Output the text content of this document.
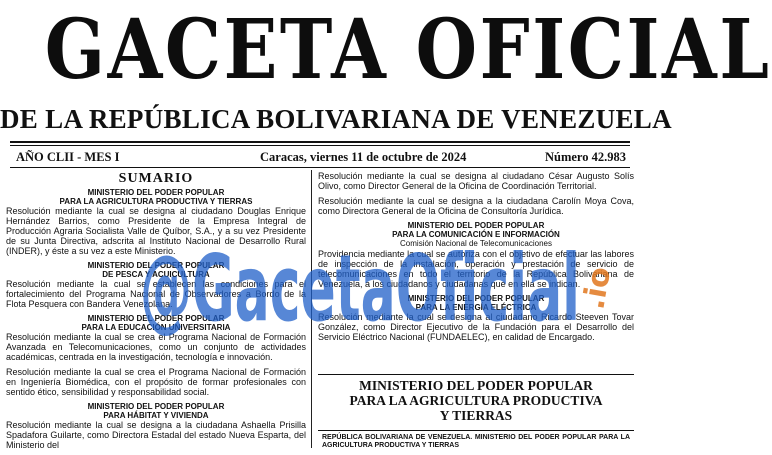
GACETA OFICIAL
DE LA REPÚBLICA BOLIVARIANA DE VENEZUELA
AÑO CLII - MES I	Caracas, viernes 11 de octubre de 2024	Número 42.983
SUMARIO
MINISTERIO DEL PODER POPULAR
PARA LA AGRICULTURA PRODUCTIVA Y TIERRAS
Resolución mediante la cual se designa al ciudadano Douglas Enrique Hernández Barrios, como Presidente de la Empresa Integral de Producción Agraria Socialista Valle de Quíbor, S.A., y a su vez Presidente de su Junta Directiva, adscrita al Instituto Nacional de Desarrollo Rural (INDER), y éste a su vez a este Ministerio.
MINISTERIO DEL PODER POPULAR
DE PESCA Y ACUICULTURA
Resolución mediante la cual se establecen las condiciones para el fortalecimiento del Programa Nacional de Observadores a Bordo de la Flota Pesquera con Bandera Venezolana.
MINISTERIO DEL PODER POPULAR
PARA LA EDUCACIÓN UNIVERSITARIA
Resolución mediante la cual se crea el Programa Nacional de Formación Avanzada en Telecomunicaciones, como un conjunto de actividades académicas, centrada en la investigación, tecnología e innovación.
Resolución mediante la cual se crea el Programa Nacional de Formación en Ingeniería Biomédica, con el propósito de formar profesionales con sentido ético, sensibilidad y responsabilidad social.
MINISTERIO DEL PODER POPULAR
PARA HÁBITAT Y VIVIENDA
Resolución mediante la cual se designa a la ciudadana Ashaella Prisilla Spadafora Guilarte, como Directora Estadal del estado Nueva Esparta, del Ministerio del
Resolución mediante la cual se designa al ciudadano César Augusto Solís Olivo, como Director General de la Oficina de Coordinación Territorial.
Resolución mediante la cual se designa a la ciudadana Carolín Moya Cova, como Directora General de la Oficina de Consultoría Jurídica.
MINISTERIO DEL PODER POPULAR
PARA LA COMUNICACIÓN E INFORMACIÓN
Comisión Nacional de Telecomunicaciones
Providencia mediante la cual se autoriza con el objetivo de efectuar las labores de inspección de la instalación, operación y prestación de servicio de telecomunicaciones en todo el territorio de la República Bolivariana de Venezuela, a los ciudadanos y ciudadanas que en ella se indican.
MINISTERIO DEL PODER POPULAR
PARA LA ENERGÍA ELÉCTRICA
Resolución mediante la cual se designa al ciudadano Ricardo Steeven Tovar González, como Director Ejecutivo de la Fundación para el Desarrollo del Servicio Eléctrico Nacional (FUNDAELEC), en calidad de Encargado.
MINISTERIO DEL PODER POPULAR
PARA LA AGRICULTURA PRODUCTIVA
Y TIERRAS
REPÚBLICA BOLIVARIANA DE VENEZUELA. MINISTERIO DEL PODER POPULAR PARA LA AGRICULTURA PRODUCTIVA Y TIERRAS
@GacetaOficial
.io
